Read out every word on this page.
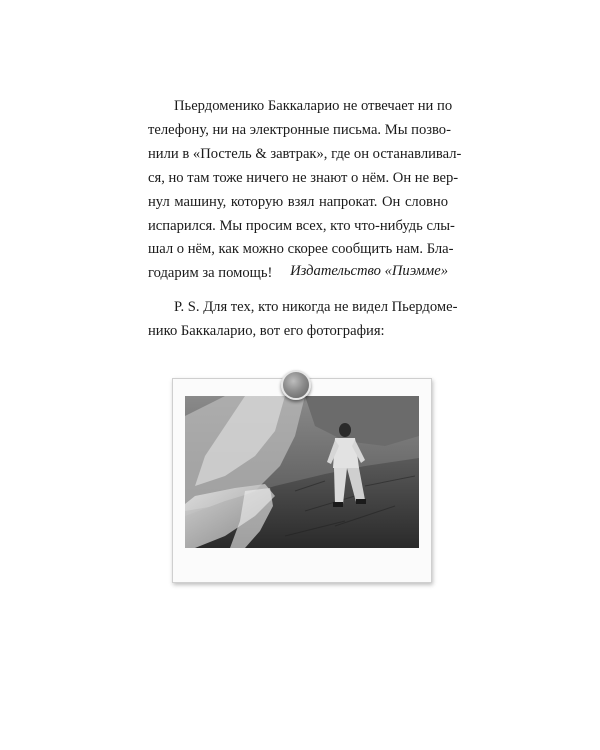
Пьердоменико Баккаларио не отвечает ни по
телефону, ни на электронные письма. Мы позво-
нили в «Постель & завтрак», где он останавливал-
ся, но там тоже ничего не знают о нём. Он не вер-
нул машину, которую взял напрокат. Он словно
испарился. Мы просим всех, кто что-нибудь слы-
шал о нём, как можно скорее сообщить нам. Бла-
годарим за помощь!	Издательство «Пиэмме»
P. S. Для тех, кто никогда не видел Пьердоме-
нико Баккаларио, вот его фотография:
